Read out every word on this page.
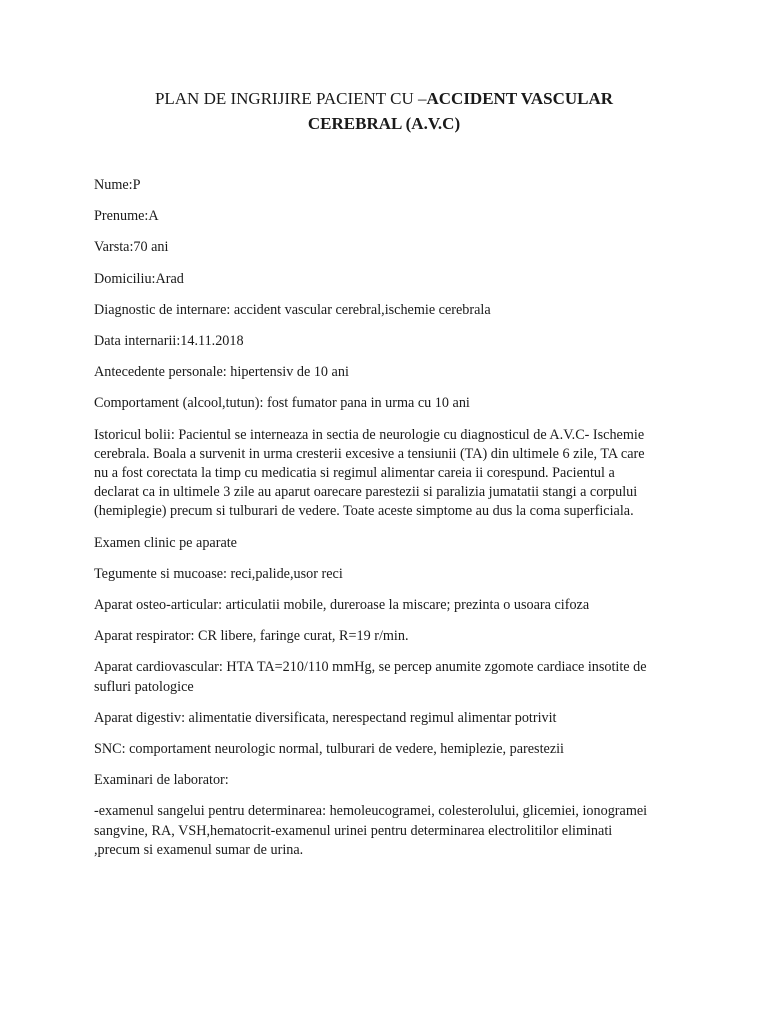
PLAN DE INGRIJIRE PACIENT CU –ACCIDENT VASCULAR CEREBRAL (A.V.C)

Nume:P

Prenume:A

Varsta:70 ani

Domiciliu:Arad

Diagnostic de internare: accident vascular cerebral,ischemie cerebrala

Data internarii:14.11.2018

Antecedente personale: hipertensiv de 10 ani

Comportament (alcool,tutun): fost fumator pana in urma cu 10 ani

Istoricul bolii: Pacientul se interneaza in sectia de neurologie cu diagnosticul de A.V.C- Ischemie cerebrala. Boala a survenit in urma cresterii excesive a tensiunii (TA) din ultimele 6 zile, TA care nu a fost corectata la timp cu medicatia si regimul alimentar careia ii corespund. Pacientul a declarat ca in ultimele 3 zile au aparut oarecare parestezii si paralizia jumatatii stangi a corpului (hemiplegie) precum si tulburari de vedere. Toate aceste simptome au dus la coma superficiala.

Examen clinic pe aparate

Tegumente si mucoase: reci,palide,usor reci

Aparat osteo-articular: articulatii mobile, dureroase la miscare; prezinta o usoara cifoza

Aparat respirator: CR libere, faringe curat, R=19 r/min.

Aparat cardiovascular: HTA TA=210/110 mmHg, se percep anumite zgomote cardiace insotite de sufluri patologice

Aparat digestiv: alimentatie diversificata, nerespectand regimul alimentar potrivit

SNC: comportament neurologic normal, tulburari de vedere, hemiplezie, parestezii

Examinari de laborator:

-examenul sangelui pentru determinarea: hemoleucogramei, colesterolului, glicemiei, ionogramei sangvine, RA, VSH,hematocrit-examenul urinei pentru determinarea electrolitilor eliminati ,precum si examenul sumar de urina.
